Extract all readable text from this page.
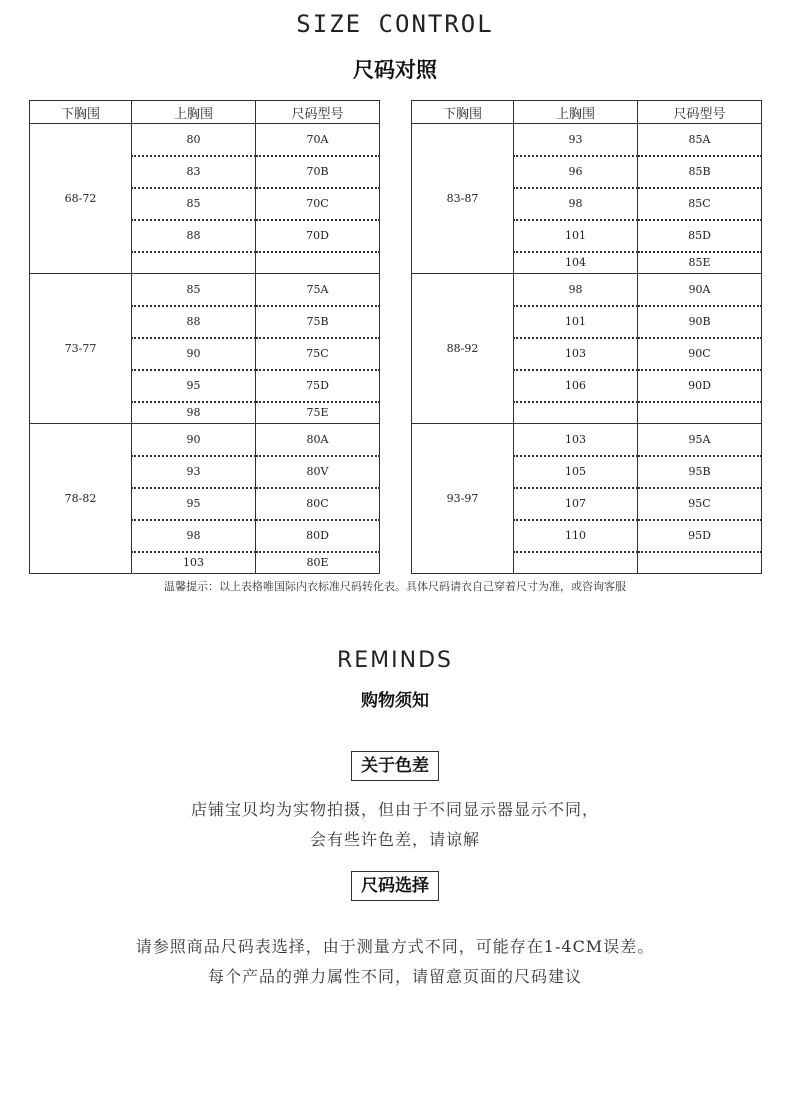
SIZE CONTROL
尺码对照
下胸围	上胸围	尺码型号
68-72	80	70A
	83	70B
	85	70C
	88	70D

73-77	85	75A
	88	75B
	90	75C
	95	75D
	98	75E
78-82	90	80A
	93	80V
	95	80C
	98	80D
	103	80E
下胸围	上胸围	尺码型号
83-87	93	85A
	96	85B
	98	85C
	101	85D
	104	85E
88-92	98	90A
	101	90B
	103	90C
	106	90D

93-97	103	95A
	105	95B
	107	95C
	110	95D

温馨提示：以上表格唯国际内衣标准尺码转化表。具体尺码请衣自己穿着尺寸为准，或咨询客服
REMINDS
购物须知
关于色差
店铺宝贝均为实物拍摄，但由于不同显示器显示不同，
会有些许色差，请谅解
尺码选择
请参照商品尺码表选择，由于测量方式不同，可能存在1-4CM误差。
每个产品的弹力属性不同，请留意页面的尺码建议
